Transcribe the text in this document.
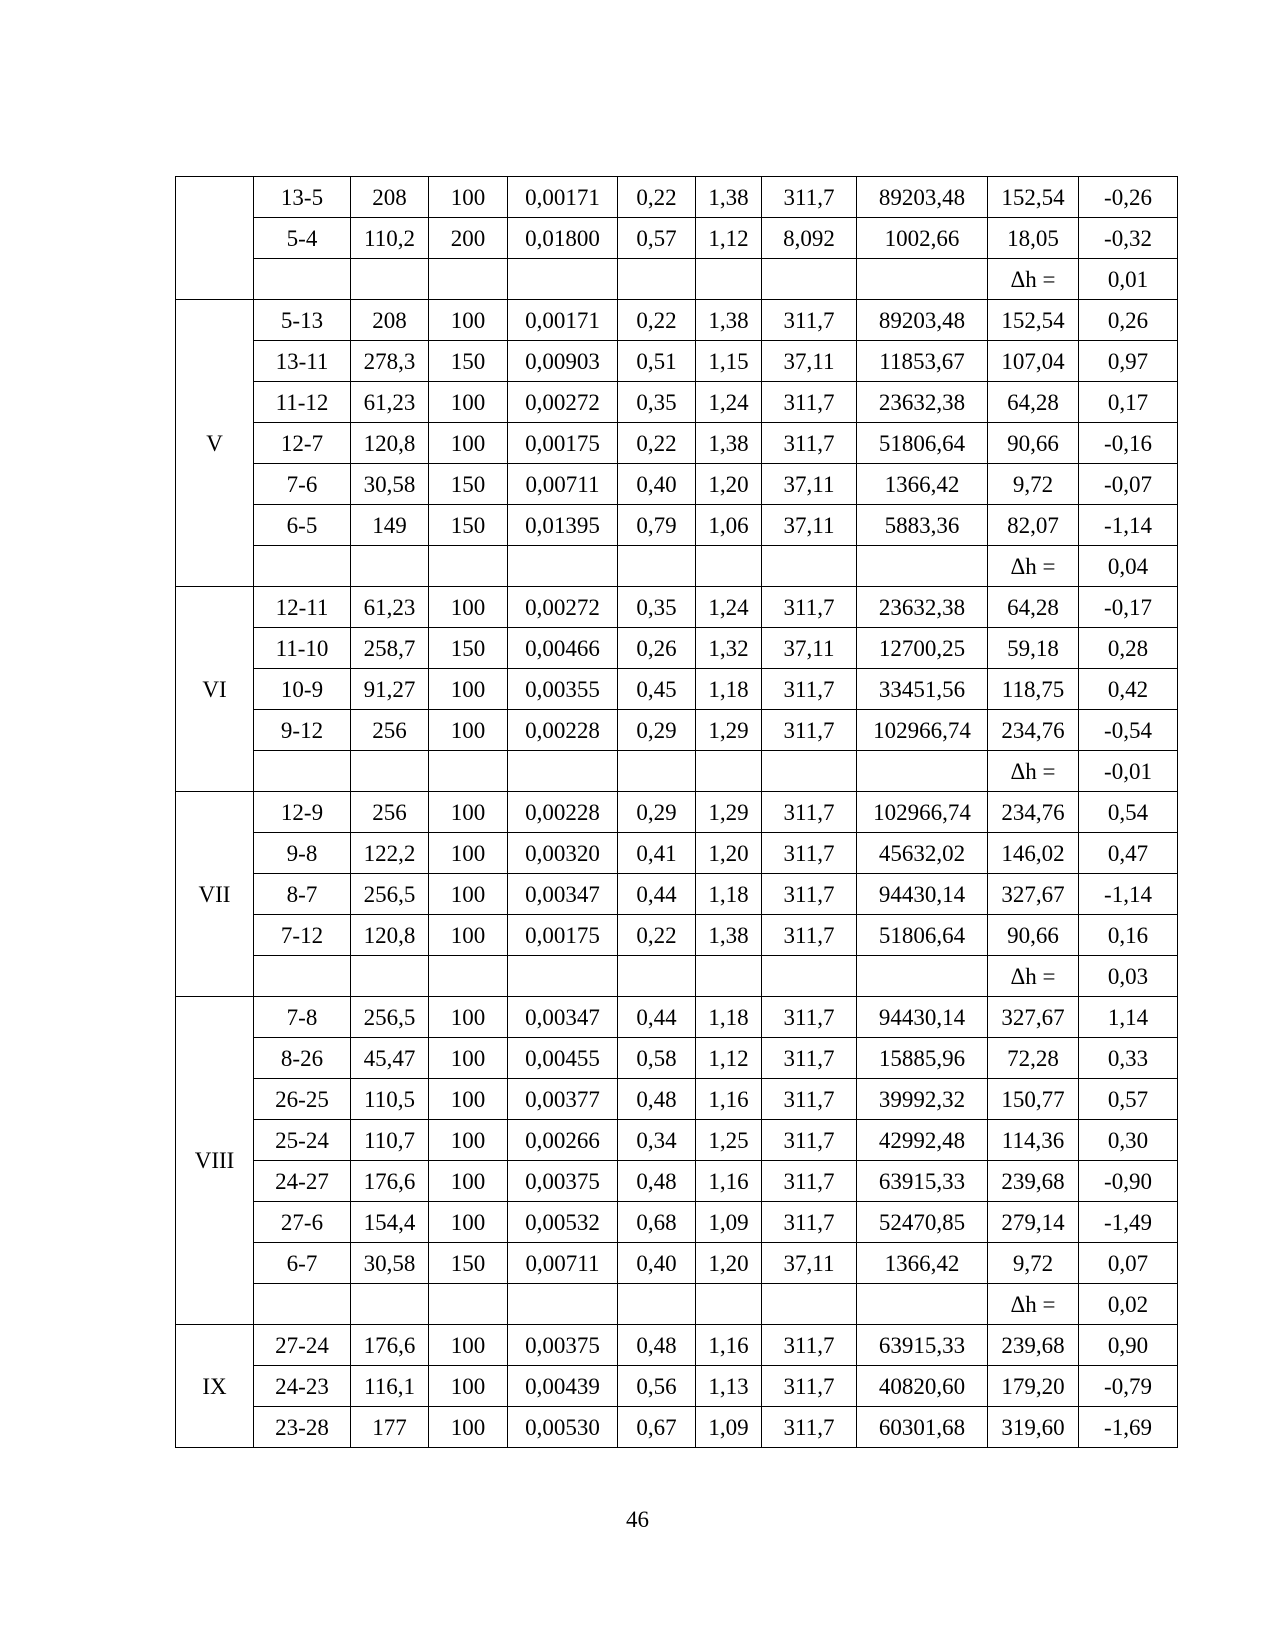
	13-5	208	100	0,00171	0,22	1,38	311,7	89203,48	152,54	-0,26
	5-4	110,2	200	0,01800	0,57	1,12	8,092	1002,66	18,05	-0,32
									Δh =	0,01
V	5-13	208	100	0,00171	0,22	1,38	311,7	89203,48	152,54	0,26
	13-11	278,3	150	0,00903	0,51	1,15	37,11	11853,67	107,04	0,97
	11-12	61,23	100	0,00272	0,35	1,24	311,7	23632,38	64,28	0,17
	12-7	120,8	100	0,00175	0,22	1,38	311,7	51806,64	90,66	-0,16
	7-6	30,58	150	0,00711	0,40	1,20	37,11	1366,42	9,72	-0,07
	6-5	149	150	0,01395	0,79	1,06	37,11	5883,36	82,07	-1,14
									Δh =	0,04
VI	12-11	61,23	100	0,00272	0,35	1,24	311,7	23632,38	64,28	-0,17
	11-10	258,7	150	0,00466	0,26	1,32	37,11	12700,25	59,18	0,28
	10-9	91,27	100	0,00355	0,45	1,18	311,7	33451,56	118,75	0,42
	9-12	256	100	0,00228	0,29	1,29	311,7	102966,74	234,76	-0,54
									Δh =	-0,01
VII	12-9	256	100	0,00228	0,29	1,29	311,7	102966,74	234,76	0,54
	9-8	122,2	100	0,00320	0,41	1,20	311,7	45632,02	146,02	0,47
	8-7	256,5	100	0,00347	0,44	1,18	311,7	94430,14	327,67	-1,14
	7-12	120,8	100	0,00175	0,22	1,38	311,7	51806,64	90,66	0,16
									Δh =	0,03
VIII	7-8	256,5	100	0,00347	0,44	1,18	311,7	94430,14	327,67	1,14
	8-26	45,47	100	0,00455	0,58	1,12	311,7	15885,96	72,28	0,33
	26-25	110,5	100	0,00377	0,48	1,16	311,7	39992,32	150,77	0,57
	25-24	110,7	100	0,00266	0,34	1,25	311,7	42992,48	114,36	0,30
	24-27	176,6	100	0,00375	0,48	1,16	311,7	63915,33	239,68	-0,90
	27-6	154,4	100	0,00532	0,68	1,09	311,7	52470,85	279,14	-1,49
	6-7	30,58	150	0,00711	0,40	1,20	37,11	1366,42	9,72	0,07
									Δh =	0,02
IX	27-24	176,6	100	0,00375	0,48	1,16	311,7	63915,33	239,68	0,90
	24-23	116,1	100	0,00439	0,56	1,13	311,7	40820,60	179,20	-0,79
	23-28	177	100	0,00530	0,67	1,09	311,7	60301,68	319,60	-1,69
46
